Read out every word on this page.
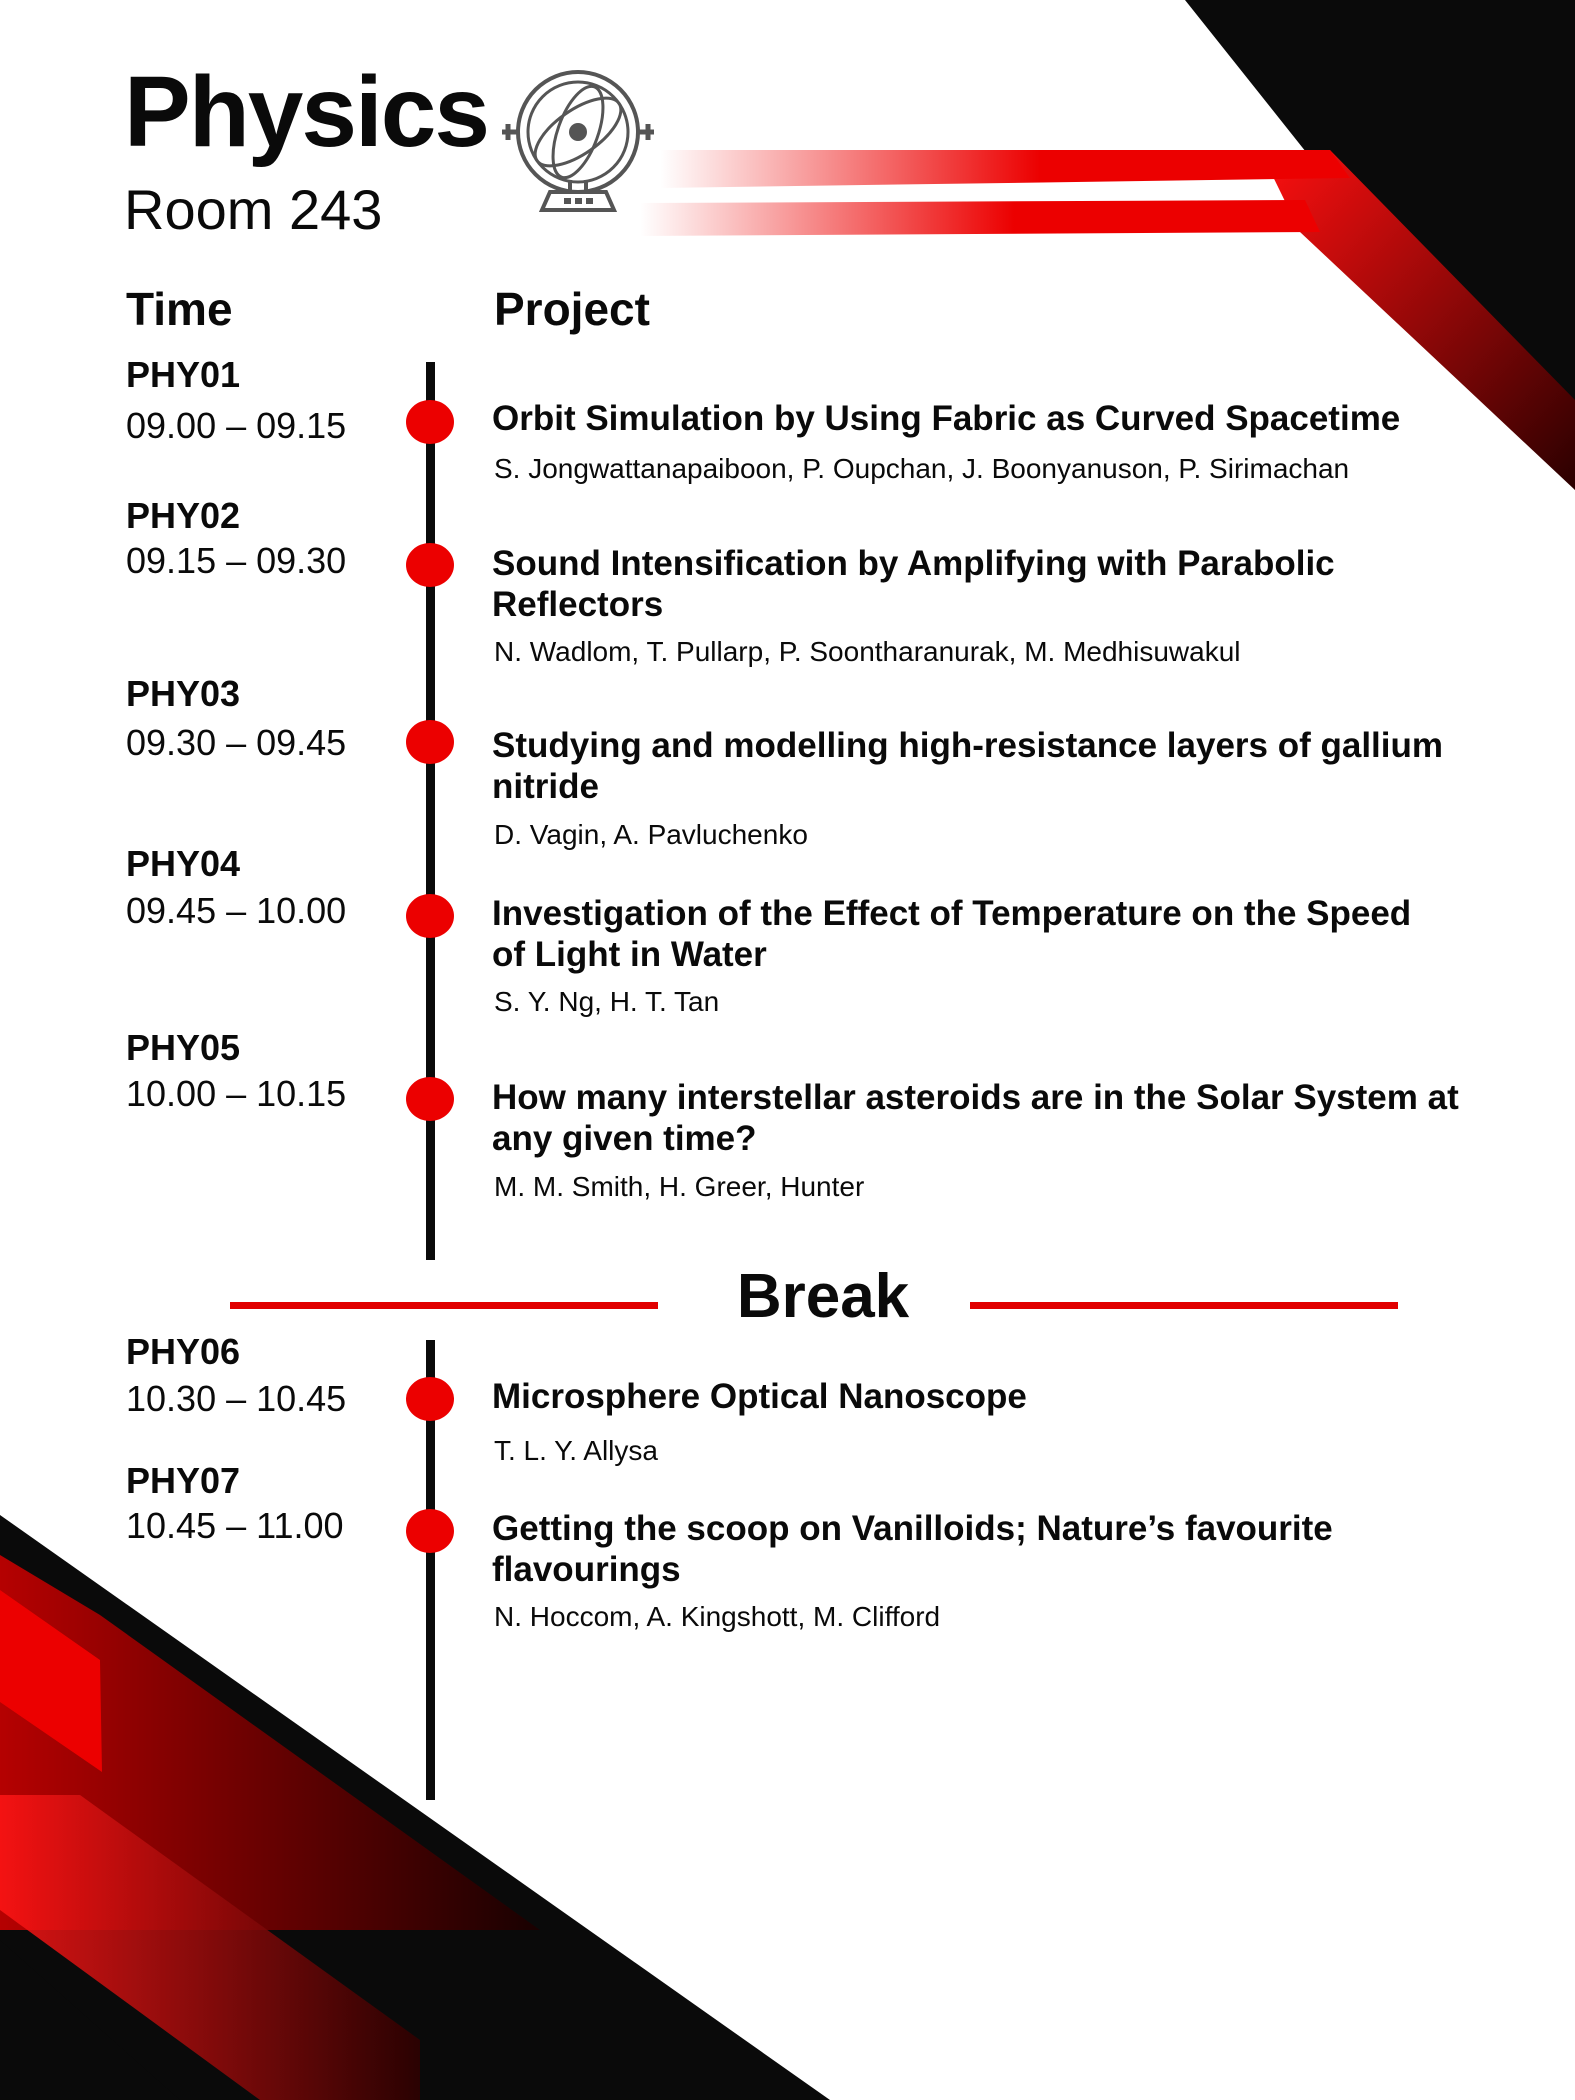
Physics
Room 243
Time	Project
PHY01
09.00 – 09.15	Orbit Simulation by Using Fabric as Curved Spacetime
S. Jongwattanapaiboon, P. Oupchan, J. Boonyanuson, P. Sirimachan
PHY02
09.15 – 09.30	Sound Intensification by Amplifying with Parabolic Reflectors
N. Wadlom, T. Pullarp, P. Soontharanurak, M. Medhisuwakul
PHY03
09.30 – 09.45	Studying and modelling high-resistance layers of gallium nitride
D. Vagin, A. Pavluchenko
PHY04
09.45 – 10.00	Investigation of the Effect of Temperature on the Speed of Light in Water
S. Y. Ng, H. T. Tan
PHY05
10.00 – 10.15	How many interstellar asteroids are in the Solar System at any given time?
M. M. Smith, H. Greer, Hunter
Break
PHY06
10.30 – 10.45	Microsphere Optical Nanoscope
T. L. Y. Allysa
PHY07
10.45 – 11.00	Getting the scoop on Vanilloids; Nature’s favourite flavourings
N. Hoccom, A. Kingshott, M. Clifford
